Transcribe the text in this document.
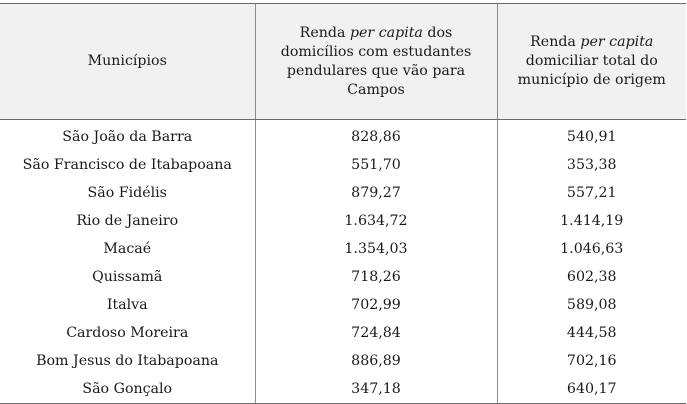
Municípios	Renda per capita dos domicílios com estudantes pendulares que vão para Campos	Renda per capita domiciliar total do município de origem
São João da Barra	828,86	540,91
São Francisco de Itabapoana	551,70	353,38
São Fidélis	879,27	557,21
Rio de Janeiro	1.634,72	1.414,19
Macaé	1.354,03	1.046,63
Quissamã	718,26	602,38
Italva	702,99	589,08
Cardoso Moreira	724,84	444,58
Bom Jesus do Itabapoana	886,89	702,16
São Gonçalo	347,18	640,17
